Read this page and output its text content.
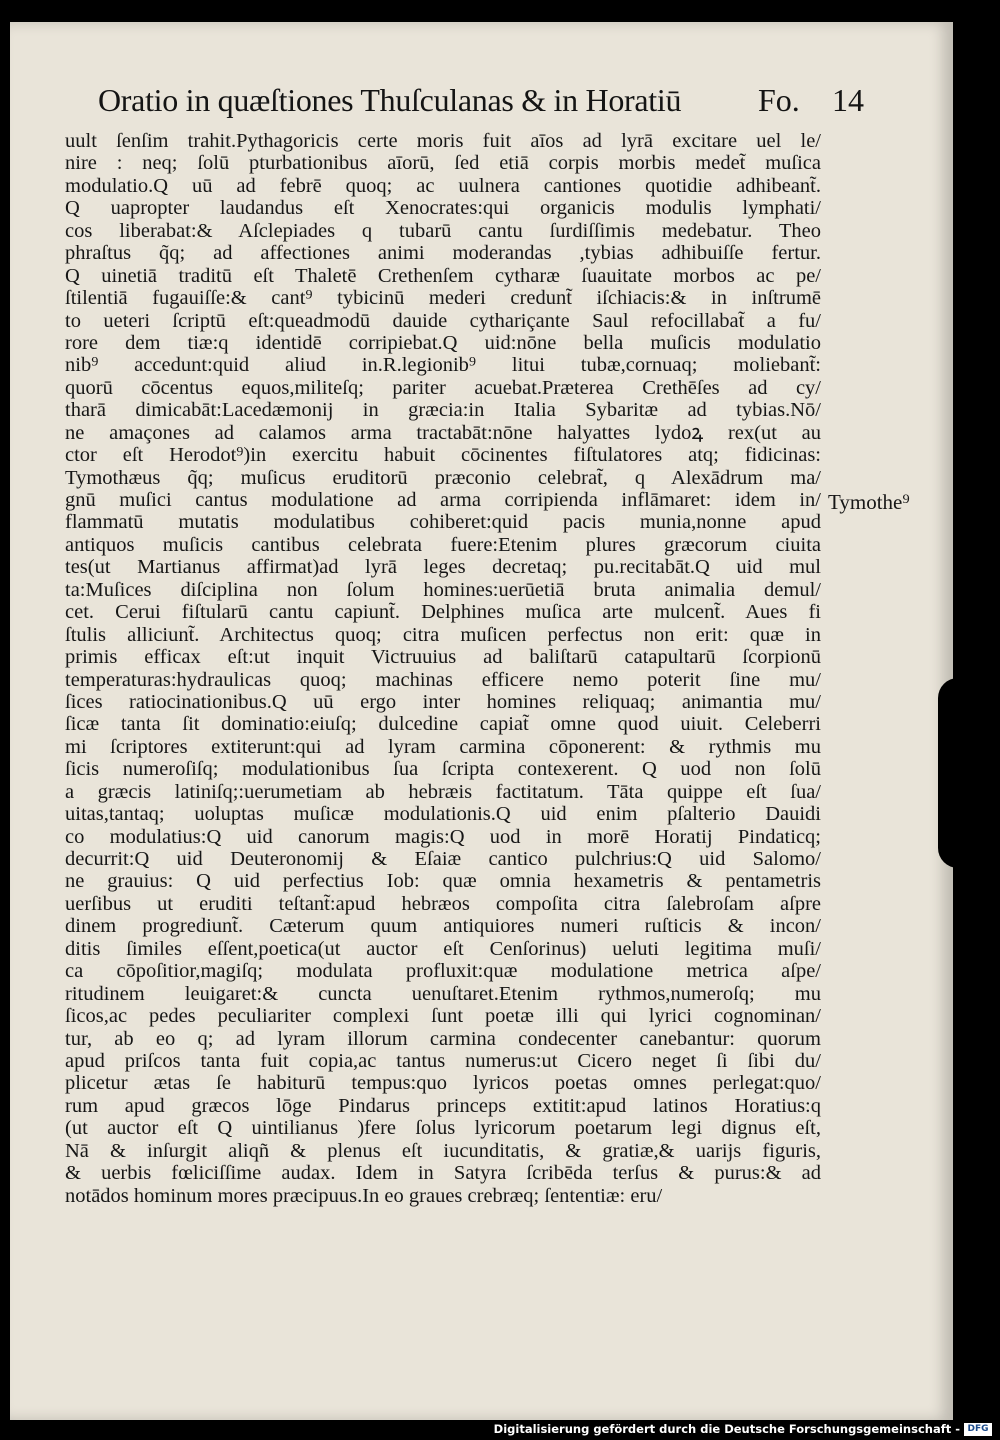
Oratio in quæſtiones Thuſculanas & in Horatiū Fo. 14
uult ſenſim trahit.Pythagoricis certe moris fuit aīos ad lyrā excitare uel le/
nire : neq; ſolū pturbationibus aīorū, ſed etiā corpis morbis medet̃ muſica
modulatio.Q uū ad febrē quoq; ac uulnera cantiones quotidie adhibeant̃.
Q uapropter laudandus eſt Xenocrates:qui organicis modulis lymphati/
cos liberabat:& Aſclepiades q tubarū cantu ſurdiſſimis medebatur. Theo
phraſtus q̃q; ad affectiones animi moderandas ,tybias adhibuiſſe fertur.
Q uinetiā traditū eſt Thaletē Crethenſem cytharæ ſuauitate morbos ac pe/
ſtilentiā fugauiſſe:& cant⁹ tybicinū mederi credunt̃ iſchiacis:& in inſtrumē
to ueteri ſcriptū eſt:queadmodū dauide cythariçante Saul refocillabat̃ a fu/
rore dem tiæ:q identidē corripiebat.Q uid:nōne bella muſicis modulatio
nib⁹ accedunt:quid aliud in.R.legionib⁹ litui tubæ,cornuaq; moliebant̃:
quorū cōcentus equos,militeſq; pariter acuebat.Præterea Crethēſes ad cy/
tharā dimicabāt:Lacedæmonij in græcia:in Italia Sybaritæ ad tybias.Nō/
ne amaçones ad calamos arma tractabāt:nōne halyattes lydoꝝ rex(ut au
ctor eſt Herodot⁹)in exercitu habuit cōcinentes fiſtulatores atq; fidicinas:
Tymothæus q̃q; muſicus eruditorū præconio celebrat̃, q Alexādrum ma/
gnū muſici cantus modulatione ad arma corripienda inflāmaret: idem in/
flammatū mutatis modulatibus cohiberet:quid pacis munia,nonne apud
antiquos muſicis cantibus celebrata fuere:Etenim plures græcorum ciuita
tes(ut Martianus affirmat)ad lyrā leges decretaq; pu.recitabāt.Q uid mul
ta:Muſices diſciplina non ſolum homines:uerūetiā bruta animalia demul/
cet. Cerui fiſtularū cantu capiunt̃. Delphines muſica arte mulcent̃. Aues fi
ſtulis alliciunt̃. Architectus quoq; citra muſicen perfectus non erit: quæ in
primis efficax eſt:ut inquit Victruuius ad baliſtarū catapultarū ſcorpionū
temperaturas:hydraulicas quoq; machinas efficere nemo poterit ſine mu/
ſices ratiocinationibus.Q uū ergo inter homines reliquaq; animantia mu/
ſicæ tanta ſit dominatio:eiuſq; dulcedine capiat̃ omne quod uiuit. Celeberri
mi ſcriptores extiterunt:qui ad lyram carmina cōponerent: & rythmis mu
ſicis numeroſiſq; modulationibus ſua ſcripta contexerent. Q uod non ſolū
a græcis latiniſq;:uerumetiam ab hebræis factitatum. Tāta quippe eſt ſua/
uitas,tantaq; uoluptas muſicæ modulationis.Q uid enim pſalterio Dauidi
co modulatius:Q uid canorum magis:Q uod in morē Horatij Pindaticq;
decurrit:Q uid Deuteronomij & Eſaiæ cantico pulchrius:Q uid Salomo/
ne grauius: Q uid perfectius Iob: quæ omnia hexametris & pentametris
uerſibus ut eruditi teſtant̃:apud hebræos compoſita citra ſalebroſam aſpre
dinem progrediunt̃. Cæterum quum antiquiores numeri ruſticis & incon/
ditis ſimiles eſſent,poetica(ut auctor eſt Cenſorinus) ueluti legitima muſi/
ca cōpoſitior,magiſq; modulata profluxit:quæ modulatione metrica aſpe/
ritudinem leuigaret:& cuncta uenuſtaret.Etenim rythmos,numeroſq; mu
ſicos,ac pedes peculiariter complexi ſunt poetæ illi qui lyrici cognominan/
tur, ab eo q; ad lyram illorum carmina condecenter canebantur: quorum
apud priſcos tanta fuit copia,ac tantus numerus:ut Cicero neget ſi ſibi du/
plicetur ætas ſe habiturū tempus:quo lyricos poetas omnes perlegat:quo/
rum apud græcos lōge Pindarus princeps extitit:apud latinos Horatius:q
(ut auctor eſt Q uintilianus )fere ſolus lyricorum poetarum legi dignus eſt,
Nā & inſurgit aliqñ & plenus eſt iucunditatis, & gratiæ,& uarijs figuris,
& uerbis fœliciſſime audax. Idem in Satyra ſcribēda terſus & purus:& ad
notādos hominum mores præcipuus.In eo graues crebræq; ſententiæ: eru/
Tymothe⁹
Digitalisierung gefördert durch die Deutsche Forschungsgemeinschaft - DFG
